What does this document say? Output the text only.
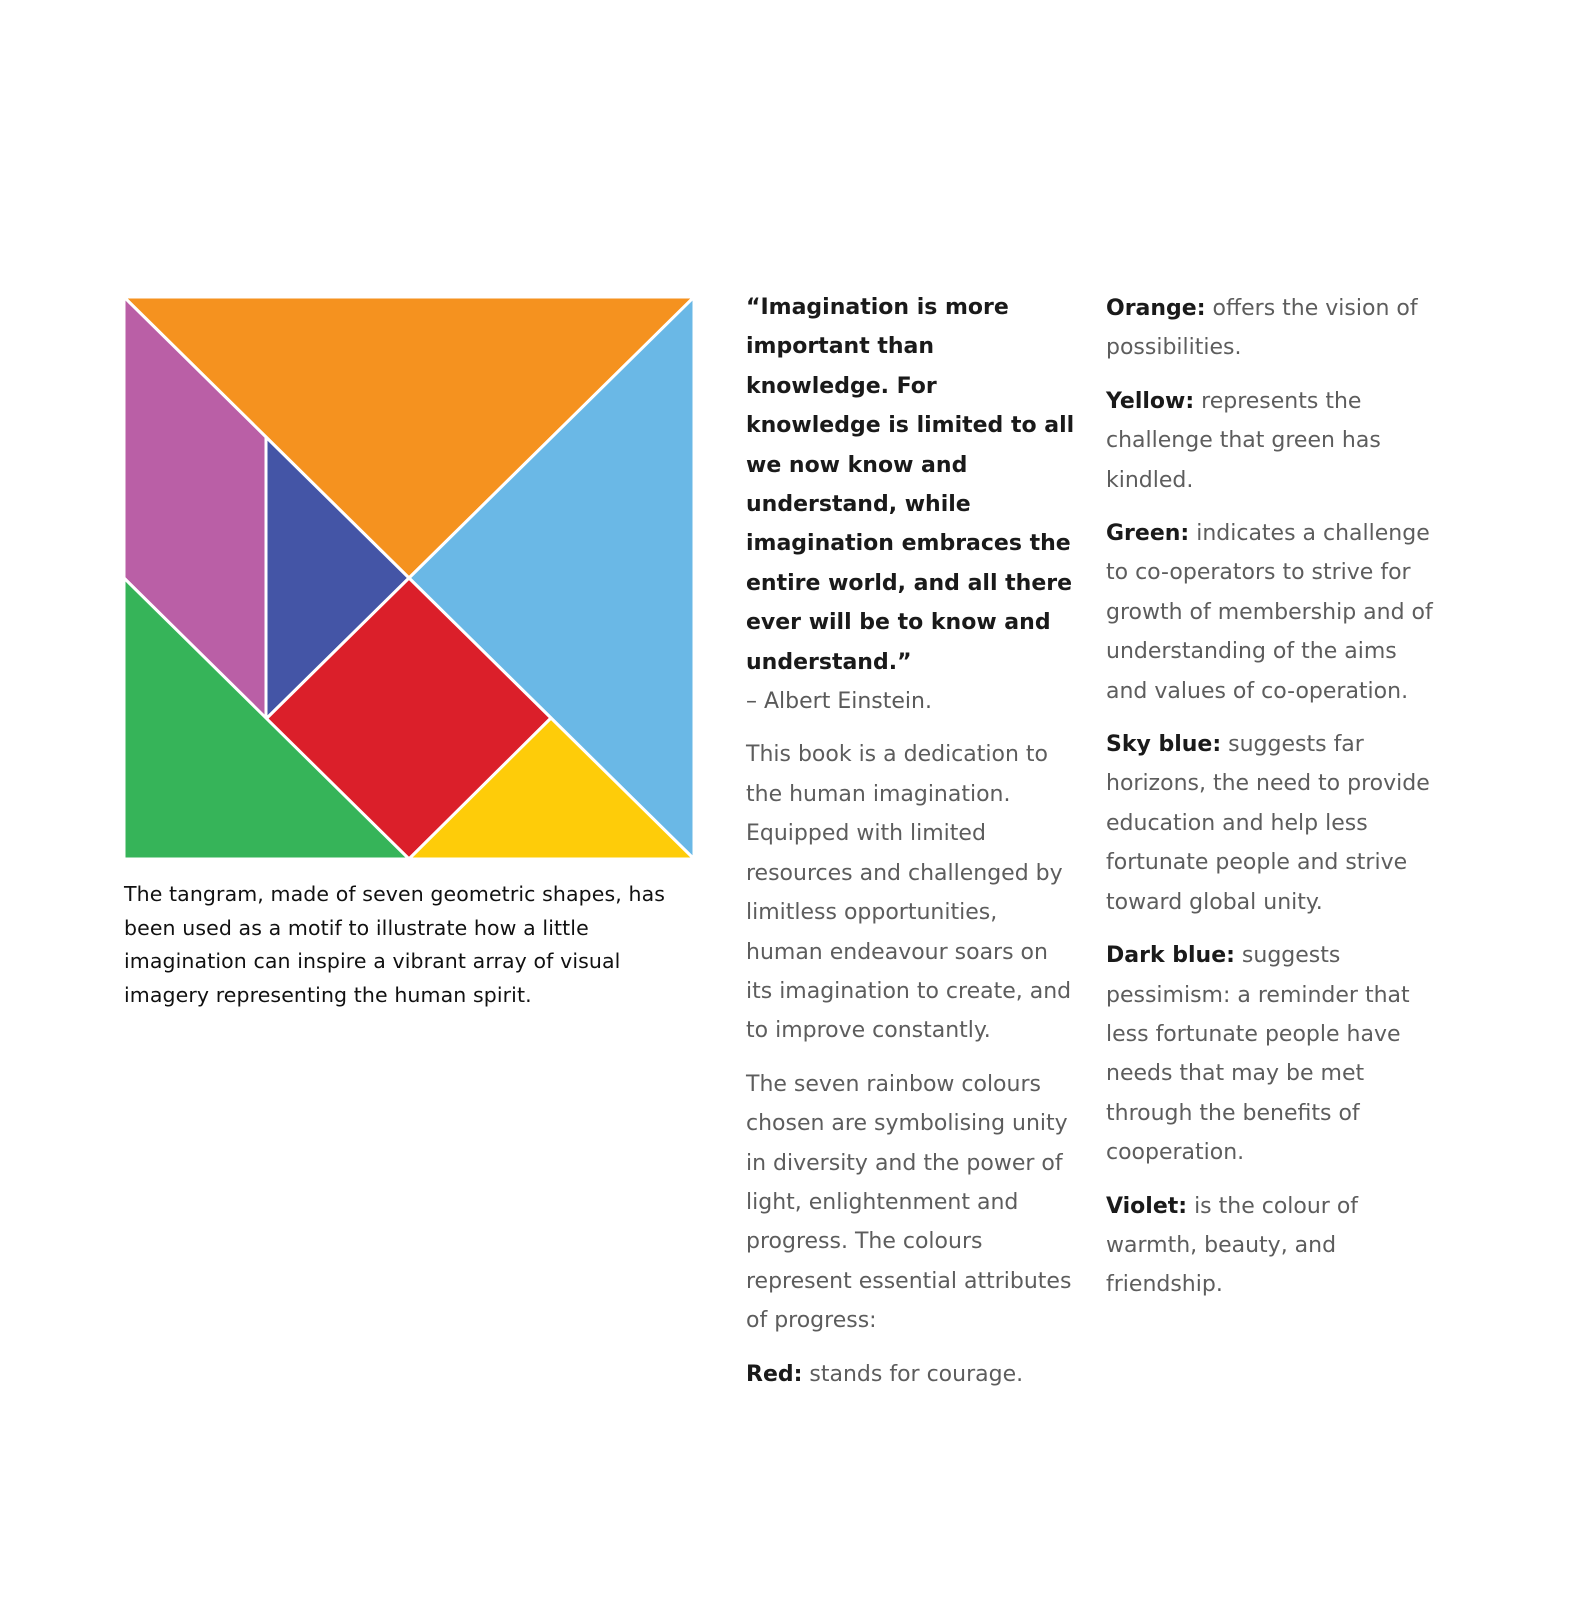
The tangram, made of seven geometric shapes, has been used as a motif to illustrate how a little imagination can inspire a vibrant array of visual imagery representing the human spirit.

“Imagination is more important than knowledge. For knowledge is limited to all we now know and understand, while imagination embraces the entire world, and all there ever will be to know and understand.”

– Albert Einstein.

This book is a dedication to the human imagination. Equipped with limited resources and challenged by limitless opportunities, human endeavour soars on its imagination to create, and to improve constantly.

The seven rainbow colours chosen are symbolising unity in diversity and the power of light, enlightenment and progress. The colours represent essential attributes of progress:

Red: stands for courage.

Orange: offers the vision of possibilities.

Yellow: represents the challenge that green has kindled.

Green: indicates a challenge to co-operators to strive for growth of membership and of understanding of the aims and values of co-operation.

Sky blue: suggests far horizons, the need to provide education and help less fortunate people and strive toward global unity.

Dark blue: suggests pessimism: a reminder that less fortunate people have needs that may be met through the benefits of cooperation.

Violet: is the colour of warmth, beauty, and friendship.
